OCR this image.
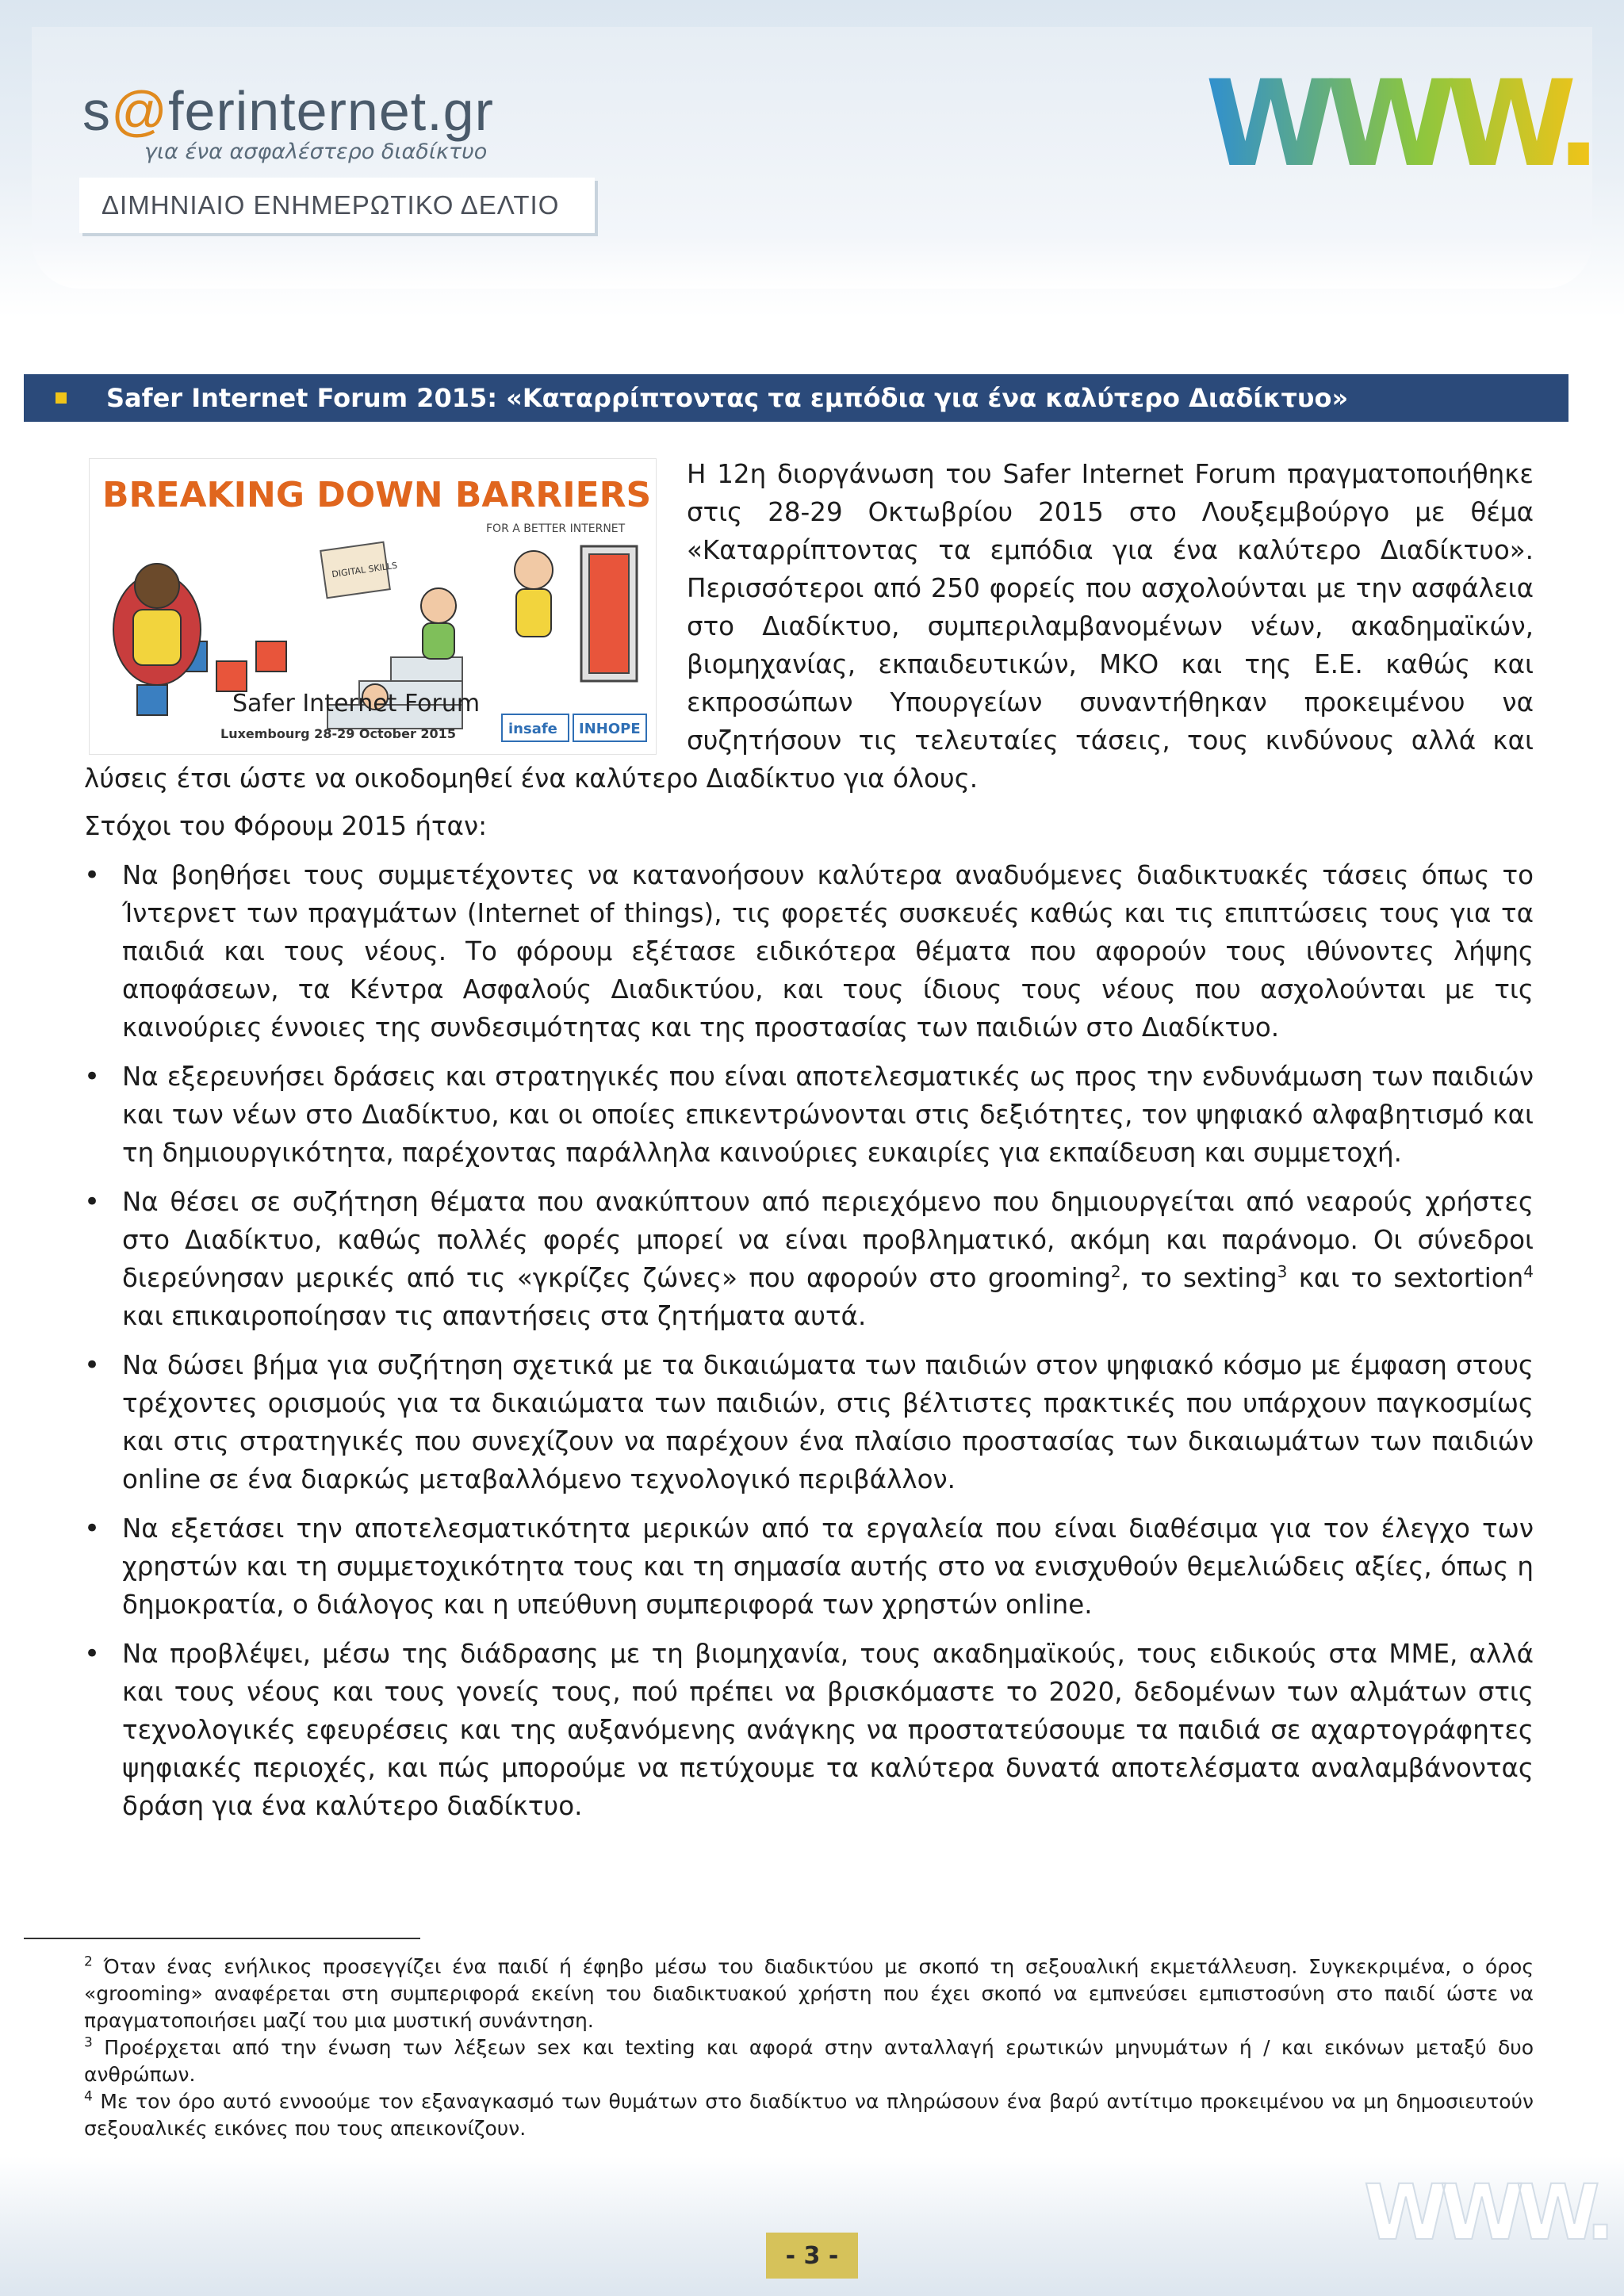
s@ferinternet.gr
για ένα ασφαλέστερο διαδίκτυο
ΔΙΜΗΝΙΑΙΟ ΕΝΗΜΕΡΩΤΙΚΟ ΔΕΛΤΙΟ
WWW.
Safer Internet Forum 2015: «Καταρρίπτοντας τα εμπόδια για ένα καλύτερο Διαδίκτυο»
BREAKING DOWN BARRIERS
FOR A BETTER INTERNET
DIGITAL SKILLS
Safer Internet Forum
Luxembourg 28-29 October 2015	insafe INHOPE

Η 12η διοργάνωση του Safer Internet Forum πραγματοποιήθηκε στις 28-29 Οκτωβρίου 2015 στο Λουξεμβούργο με θέμα «Καταρρίπτοντας τα εμπόδια για ένα καλύτερο Διαδίκτυο». Περισσότεροι από 250 φορείς που ασχολούνται με την ασφάλεια στο Διαδίκτυο, συμπεριλαμβανομένων νέων, ακαδημαϊκών, βιομηχανίας, εκπαιδευτικών, ΜΚΟ και της Ε.Ε. καθώς και εκπροσώπων Υπουργείων συναντήθηκαν προκειμένου να συζητήσουν τις τελευταίες τάσεις, τους κινδύνους αλλά και λύσεις έτσι ώστε να οικοδομηθεί ένα καλύτερο Διαδίκτυο για όλους.

Στόχοι του Φόρουμ 2015 ήταν:

• Να βοηθήσει τους συμμετέχοντες να κατανοήσουν καλύτερα αναδυόμενες διαδικτυακές τάσεις όπως το Ίντερνετ των πραγμάτων (Internet of things), τις φορετές συσκευές καθώς και τις επιπτώσεις τους για τα παιδιά και τους νέους. Το φόρουμ εξέτασε ειδικότερα θέματα που αφορούν τους ιθύνοντες λήψης αποφάσεων, τα Κέντρα Ασφαλούς Διαδικτύου, και τους ίδιους τους νέους που ασχολούνται με τις καινούριες έννοιες της συνδεσιμότητας και της προστασίας των παιδιών στο Διαδίκτυο.
• Να εξερευνήσει δράσεις και στρατηγικές που είναι αποτελεσματικές ως προς την ενδυνάμωση των παιδιών και των νέων στο Διαδίκτυο, και οι οποίες επικεντρώνονται στις δεξιότητες, τον ψηφιακό αλφαβητισμό και τη δημιουργικότητα, παρέχοντας παράλληλα καινούριες ευκαιρίες για εκπαίδευση και συμμετοχή.
• Να θέσει σε συζήτηση θέματα που ανακύπτουν από περιεχόμενο που δημιουργείται από νεαρούς χρήστες στο Διαδίκτυο, καθώς πολλές φορές μπορεί να είναι προβληματικό, ακόμη και παράνομο. Οι σύνεδροι διερεύνησαν μερικές από τις «γκρίζες ζώνες» που αφορούν στο grooming$^2$, το sexting$^3$ και το sextortion$^4$ και επικαιροποίησαν τις απαντήσεις στα ζητήματα αυτά.
• Να δώσει βήμα για συζήτηση σχετικά με τα δικαιώματα των παιδιών στον ψηφιακό κόσμο με έμφαση στους τρέχοντες ορισμούς για τα δικαιώματα των παιδιών, στις βέλτιστες πρακτικές που υπάρχουν παγκοσμίως και στις στρατηγικές που συνεχίζουν να παρέχουν ένα πλαίσιο προστασίας των δικαιωμάτων των παιδιών online σε ένα διαρκώς μεταβαλλόμενο τεχνολογικό περιβάλλον.
• Να εξετάσει την αποτελεσματικότητα μερικών από τα εργαλεία που είναι διαθέσιμα για τον έλεγχο των χρηστών και τη συμμετοχικότητα τους και τη σημασία αυτής στο να ενισχυθούν θεμελιώδεις αξίες, όπως η δημοκρατία, ο διάλογος και η υπεύθυνη συμπεριφορά των χρηστών online.
• Να προβλέψει, μέσω της διάδρασης με τη βιομηχανία, τους ακαδημαϊκούς, τους ειδικούς στα ΜΜΕ, αλλά και τους νέους και τους γονείς τους, πού πρέπει να βρισκόμαστε το 2020, δεδομένων των αλμάτων στις τεχνολογικές εφευρέσεις και της αυξανόμενης ανάγκης να προστατεύσουμε τα παιδιά σε αχαρτογράφητες ψηφιακές περιοχές, και πώς μπορούμε να πετύχουμε τα καλύτερα δυνατά αποτελέσματα αναλαμβάνοντας δράση για ένα καλύτερο διαδίκτυο.

$^2$ Όταν ένας ενήλικος προσεγγίζει ένα παιδί ή έφηβο μέσω του διαδικτύου με σκοπό τη σεξουαλική εκμετάλλευση. Συγκεκριμένα, ο όρος «grooming» αναφέρεται στη συμπεριφορά εκείνη του διαδικτυακού χρήστη που έχει σκοπό να εμπνεύσει εμπιστοσύνη στο παιδί ώστε να πραγματοποιήσει μαζί του μια μυστική συνάντηση.

$^3$ Προέρχεται από την ένωση των λέξεων sex και texting και αφορά στην ανταλλαγή ερωτικών μηνυμάτων ή / και εικόνων μεταξύ δυο ανθρώπων.

$^4$ Με τον όρο αυτό εννοούμε τον εξαναγκασμό των θυμάτων στο διαδίκτυο να πληρώσουν ένα βαρύ αντίτιμο προκειμένου να μη δημοσιευτούν σεξουαλικές εικόνες που τους απεικονίζουν.

WWW.
- 3 -
